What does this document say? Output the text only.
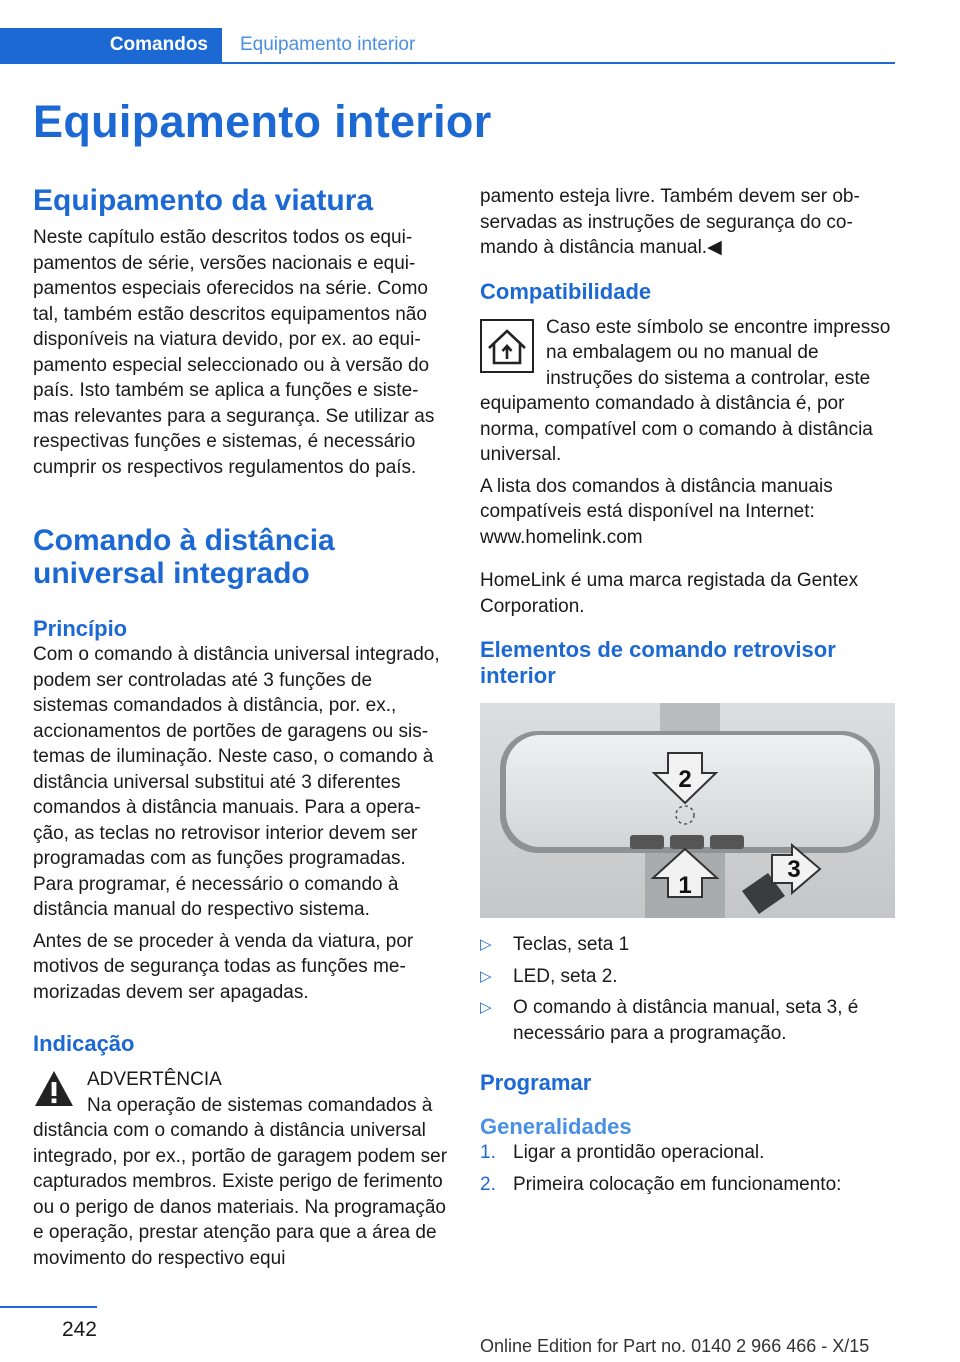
Comandos	Equipamento interior
Equipamento interior
Equipamento da viatura

Neste capítulo estão descritos todos os equipamentos de série, versões nacionais e equipamentos especiais oferecidos na série. Como tal, também estão descritos equipamentos não disponíveis na viatura devido, por ex. ao equipamento especial seleccionado ou à versão do país. Isto também se aplica a funções e sistemas relevantes para a segurança. Se utilizar as respectivas funções e sistemas, é necessário cumprir os respectivos regulamentos do país.

Comando à distância universal integrado
Princípio

Com o comando à distância universal integrado, podem ser controladas até 3 funções de sistemas comandados à distância, por. ex., accionamentos de portões de garagens ou sistemas de iluminação. Neste caso, o comando à distância universal substitui até 3 diferentes comandos à distância manuais. Para a operação, as teclas no retrovisor interior devem ser programadas com as funções programadas. Para programar, é necessário o comando à distância manual do respectivo sistema.

Antes de se proceder à venda da viatura, por motivos de segurança todas as funções memorizadas devem ser apagadas.

Indicação

ADVERTÊNCIA

Na operação de sistemas comandados à distância com o comando à distância universal integrado, por ex., portão de garagem podem ser capturados membros. Existe perigo de ferimento ou o perigo de danos materiais. Na programação e operação, prestar atenção para que a área de movimento do respectivo equi

pamento esteja livre. Também devem ser observadas as instruções de segurança do comando à distância manual.◀

Compatibilidade

Caso este símbolo se encontre impresso na embalagem ou no manual de instruções do sistema a controlar, este equipamento comandado à distância é, por norma, compatível com o comando à distância universal.

A lista dos comandos à distância manuais compatíveis está disponível na Internet: www.homelink.com

HomeLink é uma marca registada da Gentex Corporation.

Elementos de comando retrovisor interior
2
1
3
▷ Teclas, seta 1
▷ LED, seta 2.
▷ O comando à distância manual, seta 3, é necessário para a programação.
Programar
Generalidades
1. Ligar a prontidão operacional.
2. Primeira colocação em funcionamento:
242
Online Edition for Part no. 0140 2 966 466 - X/15
